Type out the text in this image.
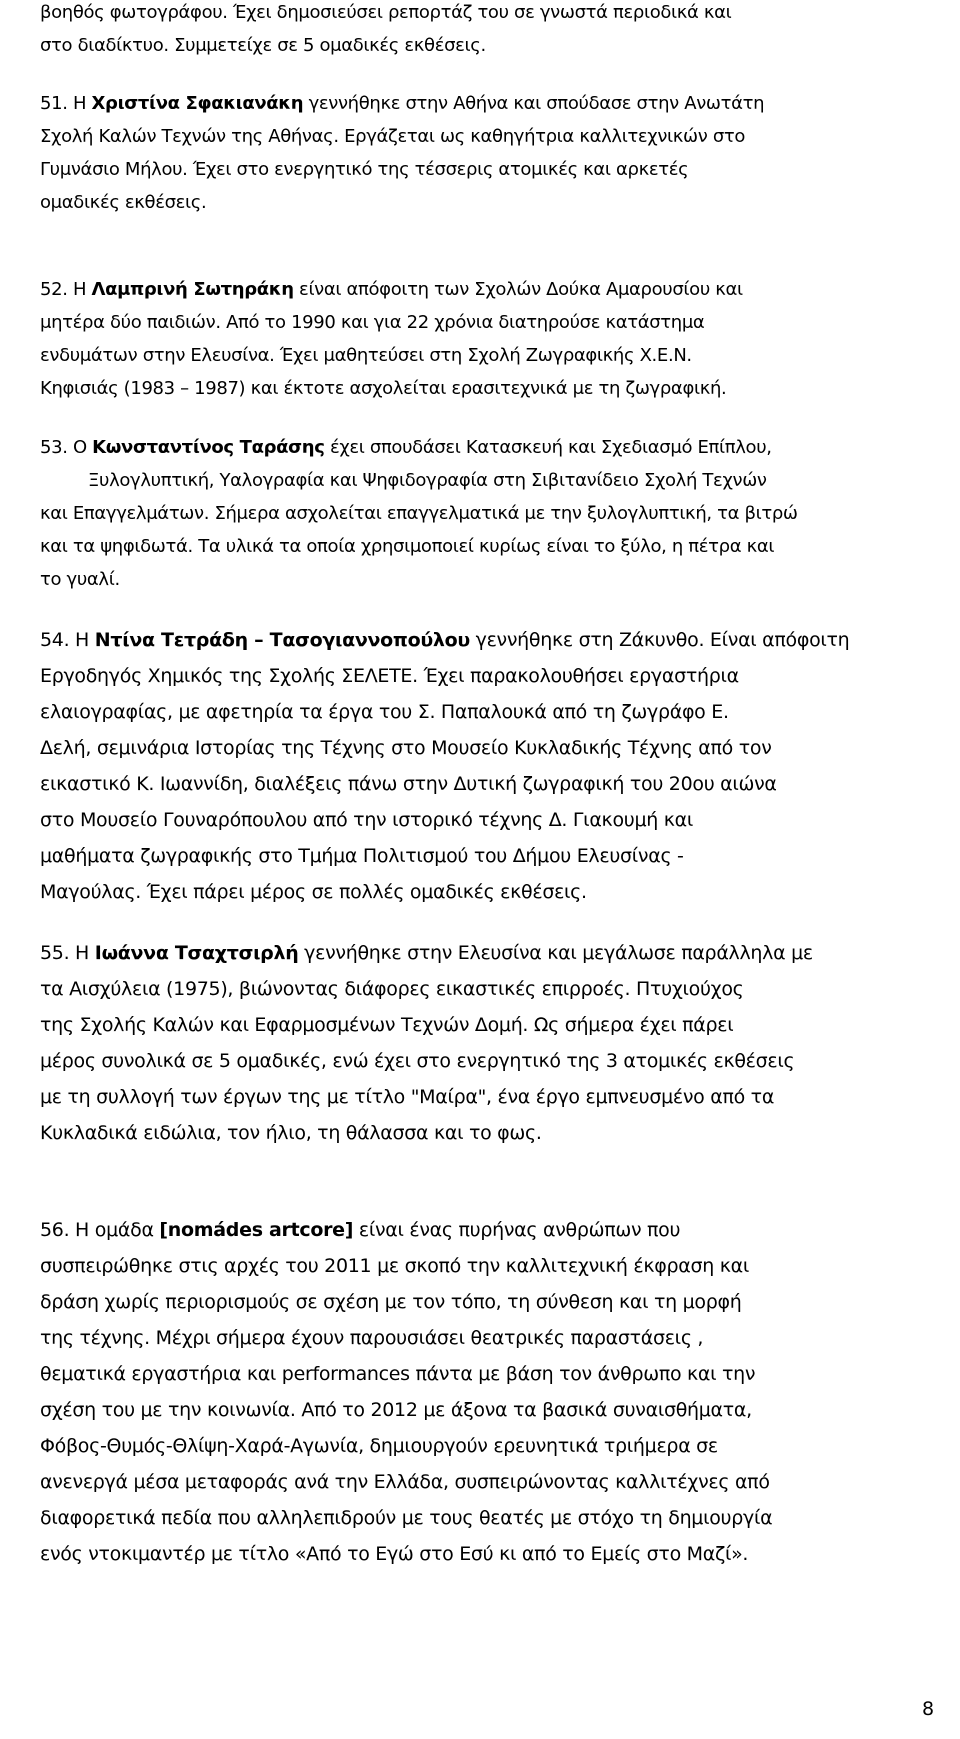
βοηθός φωτογράφου. Έχει δημοσιεύσει ρεπορτάζ του σε γνωστά περιοδικά και
στο διαδίκτυο. Συμμετείχε σε 5 ομαδικές εκθέσεις.
51. Η Χριστίνα Σφακιανάκη γεννήθηκε στην Αθήνα και σπούδασε στην Ανωτάτη
Σχολή Καλών Τεχνών της Αθήνας. Εργάζεται ως καθηγήτρια καλλιτεχνικών στο
Γυμνάσιο Μήλου. Έχει στο ενεργητικό της τέσσερις ατομικές και αρκετές
ομαδικές εκθέσεις.
52. Η Λαμπρινή Σωτηράκη είναι απόφοιτη των Σχολών Δούκα Αμαρουσίου και
μητέρα δύο παιδιών. Από το 1990 και για 22 χρόνια διατηρούσε κατάστημα
ενδυμάτων στην Ελευσίνα. Έχει μαθητεύσει στη Σχολή Ζωγραφικής Χ.Ε.Ν.
Κηφισιάς (1983 – 1987) και έκτοτε ασχολείται ερασιτεχνικά με τη ζωγραφική.
53. Ο Κωνσταντίνος Ταράσης έχει σπουδάσει Κατασκευή και Σχεδιασμό Επίπλου,
Ξυλογλυπτική, Υαλογραφία και Ψηφιδογραφία στη Σιβιτανίδειο Σχολή Τεχνών
και Επαγγελμάτων. Σήμερα ασχολείται επαγγελματικά με την ξυλογλυπτική, τα βιτρώ
και τα ψηφιδωτά. Τα υλικά τα οποία χρησιμοποιεί κυρίως είναι το ξύλο, η πέτρα και
το γυαλί.
54. Η Ντίνα Τετράδη – Τασογιαννοπούλου γεννήθηκε στη Ζάκυνθο. Είναι απόφοιτη
Εργοδηγός Χημικός της Σχολής ΣΕΛΕΤΕ. Έχει παρακολουθήσει εργαστήρια
ελαιογραφίας, με αφετηρία τα έργα του Σ. Παπαλουκά από τη ζωγράφο Ε.
Δελή, σεμινάρια Ιστορίας της Τέχνης στο Μουσείο Κυκλαδικής Τέχνης από τον
εικαστικό Κ. Ιωαννίδη, διαλέξεις πάνω στην Δυτική ζωγραφική του 20ου αιώνα
στο Μουσείο Γουναρόπουλου από την ιστορικό τέχνης Δ. Γιακουμή και
μαθήματα ζωγραφικής στο Τμήμα Πολιτισμού του Δήμου Ελευσίνας -
Μαγούλας. Έχει πάρει μέρος σε πολλές ομαδικές εκθέσεις.
55. Η Ιωάννα Τσαχτσιρλή γεννήθηκε στην Ελευσίνα και μεγάλωσε παράλληλα με
τα Αισχύλεια (1975), βιώνοντας διάφορες εικαστικές επιρροές. Πτυχιούχος
της Σχολής Καλών και Εφαρμοσμένων Τεχνών Δομή. Ως σήμερα έχει πάρει
μέρος συνολικά σε 5 ομαδικές, ενώ έχει στο ενεργητικό της 3 ατομικές εκθέσεις
με τη συλλογή των έργων της με τίτλο "Μαίρα", ένα έργο εμπνευσμένο από τα
Κυκλαδικά ειδώλια, τον ήλιο, τη θάλασσα και το φως.
56. Η ομάδα [nomádes artcore] είναι ένας πυρήνας ανθρώπων που
συσπειρώθηκε στις αρχές του 2011 με σκοπό την καλλιτεχνική έκφραση και
δράση χωρίς περιορισμούς σε σχέση με τον τόπο, τη σύνθεση και τη μορφή
της τέχνης. Μέχρι σήμερα έχουν παρουσιάσει θεατρικές παραστάσεις ,
θεματικά εργαστήρια και performances πάντα με βάση τον άνθρωπο και την
σχέση του με την κοινωνία. Από το 2012 με άξονα τα βασικά συναισθήματα,
Φόβος-Θυμός-Θλίψη-Χαρά-Αγωνία, δημιουργούν ερευνητικά τριήμερα σε
ανενεργά μέσα μεταφοράς ανά την Ελλάδα, συσπειρώνοντας καλλιτέχνες από
διαφορετικά πεδία που αλληλεπιδρούν με τους θεατές με στόχο τη δημιουργία
ενός ντοκιμαντέρ με τίτλο «Από το Εγώ στο Εσύ κι από το Εμείς στο Μαζί».
8
